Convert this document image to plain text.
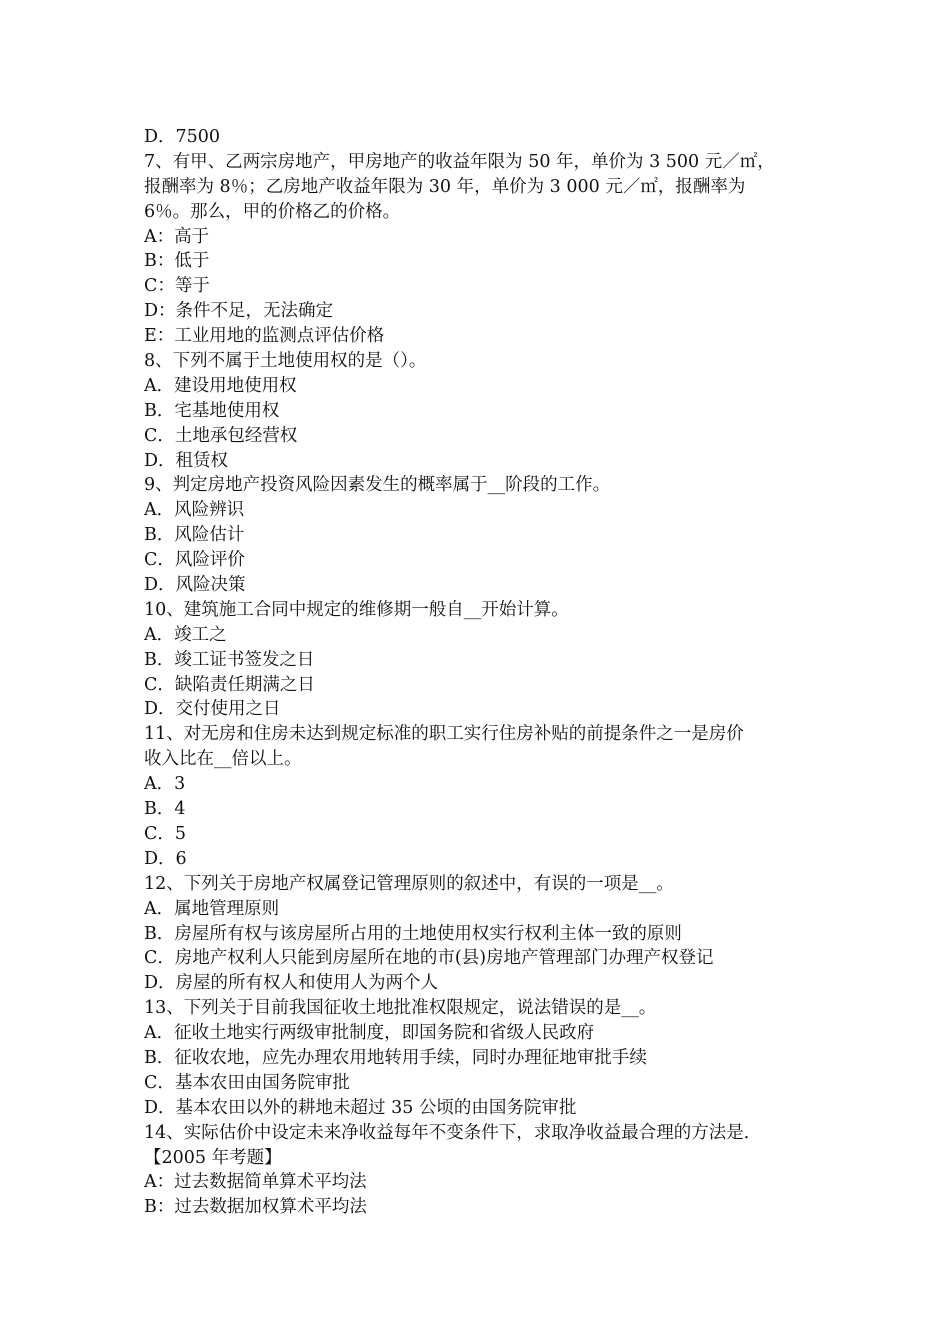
D．7500
7、有甲、乙两宗房地产，甲房地产的收益年限为 50 年，单价为 3 500 元／㎡，
报酬率为 8％；乙房地产收益年限为 30 年，单价为 3 000 元／㎡，报酬率为
6％。那么，甲的价格乙的价格。
A：高于
B：低于
C：等于
D：条件不足，无法确定
E：工业用地的监测点评估价格
8、下列不属于土地使用权的是（）。
A．建设用地使用权
B．宅基地使用权
C．土地承包经营权
D．租赁权
9、判定房地产投资风险因素发生的概率属于__阶段的工作。
A．风险辨识
B．风险估计
C．风险评价
D．风险决策
10、建筑施工合同中规定的维修期一般自__开始计算。
A．竣工之
B．竣工证书签发之日
C．缺陷责任期满之日
D．交付使用之日
11、对无房和住房未达到规定标准的职工实行住房补贴的前提条件之一是房价
收入比在__倍以上。
A．3
B．4
C．5
D．6
12、下列关于房地产权属登记管理原则的叙述中，有误的一项是__。
A．属地管理原则
B．房屋所有权与该房屋所占用的土地使用权实行权利主体一致的原则
C．房地产权利人只能到房屋所在地的市(县)房地产管理部门办理产权登记
D．房屋的所有权人和使用人为两个人
13、下列关于目前我国征收土地批准权限规定，说法错误的是__。
A．征收土地实行两级审批制度，即国务院和省级人民政府
B．征收农地，应先办理农用地转用手续，同时办理征地审批手续
C．基本农田由国务院审批
D．基本农田以外的耕地未超过 35 公顷的由国务院审批
14、实际估价中设定未来净收益每年不变条件下，求取净收益最合理的方法是．
【2005 年考题】
A：过去数据简单算术平均法
B：过去数据加权算术平均法
